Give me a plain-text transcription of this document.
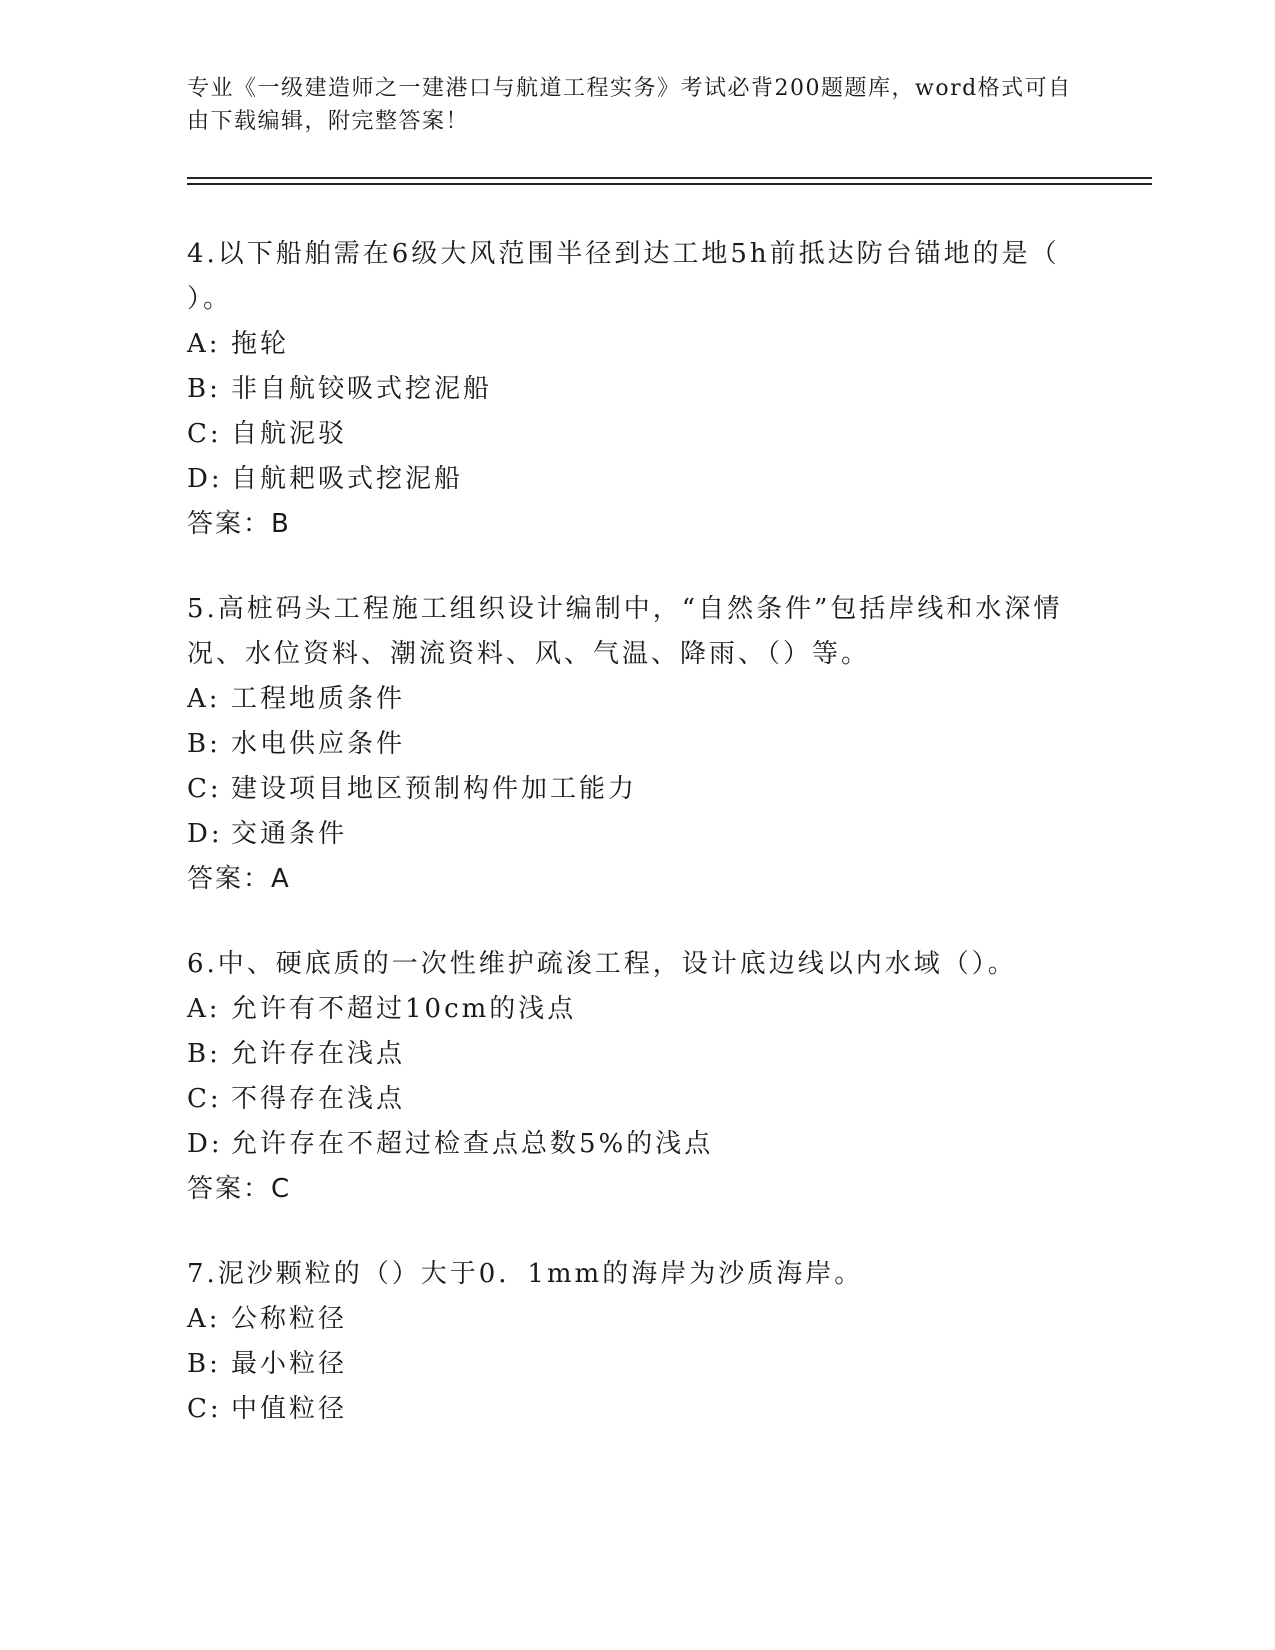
专业《一级建造师之一建港口与航道工程实务》考试必背200题题库，word格式可自由下载编辑，附完整答案！

4.以下船舶需在6级大风范围半径到达工地5h前抵达防台锚地的是（ ）。

A: 拖轮

B: 非自航铰吸式挖泥船

C: 自航泥驳

D: 自航耙吸式挖泥船

答案：B

5.高桩码头工程施工组织设计编制中，“自然条件”包括岸线和水深情况、水位资料、潮流资料、风、气温、降雨、（）等。

A: 工程地质条件

B: 水电供应条件

C: 建设项目地区预制构件加工能力

D: 交通条件

答案：A

6.中、硬底质的一次性维护疏浚工程，设计底边线以内水域（）。

A: 允许有不超过10cm的浅点

B: 允许存在浅点

C: 不得存在浅点

D: 允许存在不超过检查点总数5%的浅点

答案：C

7.泥沙颗粒的（）大于0．1mm的海岸为沙质海岸。

A: 公称粒径

B: 最小粒径

C: 中值粒径
